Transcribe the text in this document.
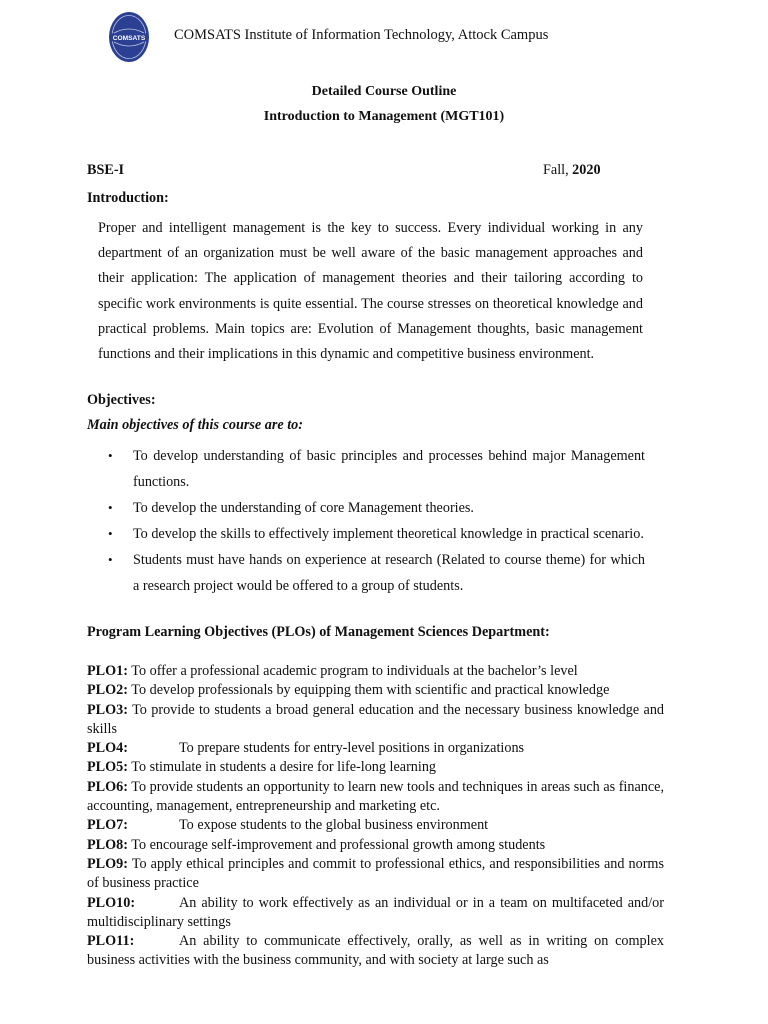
COMSATS COMSATS Institute of Information Technology, Attock Campus
Detailed Course Outline
Introduction to Management (MGT101)
BSE-I	Fall, 2020
Introduction:

Proper and intelligent management is the key to success. Every individual working in any department of an organization must be well aware of the basic management approaches and their application: The application of management theories and their tailoring according to specific work environments is quite essential. The course stresses on theoretical knowledge and practical problems. Main topics are: Evolution of Management thoughts, basic management functions and their implications in this dynamic and competitive business environment.

Objectives:
Main objectives of this course are to:
• To develop understanding of basic principles and processes behind major Management functions.
• To develop the understanding of core Management theories.
• To develop the skills to effectively implement theoretical knowledge in practical scenario.
• Students must have hands on experience at research (Related to course theme) for which a research project would be offered to a group of students.
Program Learning Objectives (PLOs) of Management Sciences Department:

PLO1: To offer a professional academic program to individuals at the bachelor’s level

PLO2: To develop professionals by equipping them with scientific and practical knowledge

PLO3: To provide to students a broad general education and the necessary business knowledge and skills

PLO4:	To prepare students for entry-level positions in organizations

PLO5: To stimulate in students a desire for life-long learning

PLO6: To provide students an opportunity to learn new tools and techniques in areas such as finance, accounting, management, entrepreneurship and marketing etc.

PLO7:	To expose students to the global business environment

PLO8: To encourage self-improvement and professional growth among students

PLO9: To apply ethical principles and commit to professional ethics, and responsibilities and norms of business practice

PLO10:	An ability to work effectively as an individual or in a team on multifaceted and/or multidisciplinary settings

PLO11:	An ability to communicate effectively, orally, as well as in writing on complex business activities with the business community, and with society at large such as
